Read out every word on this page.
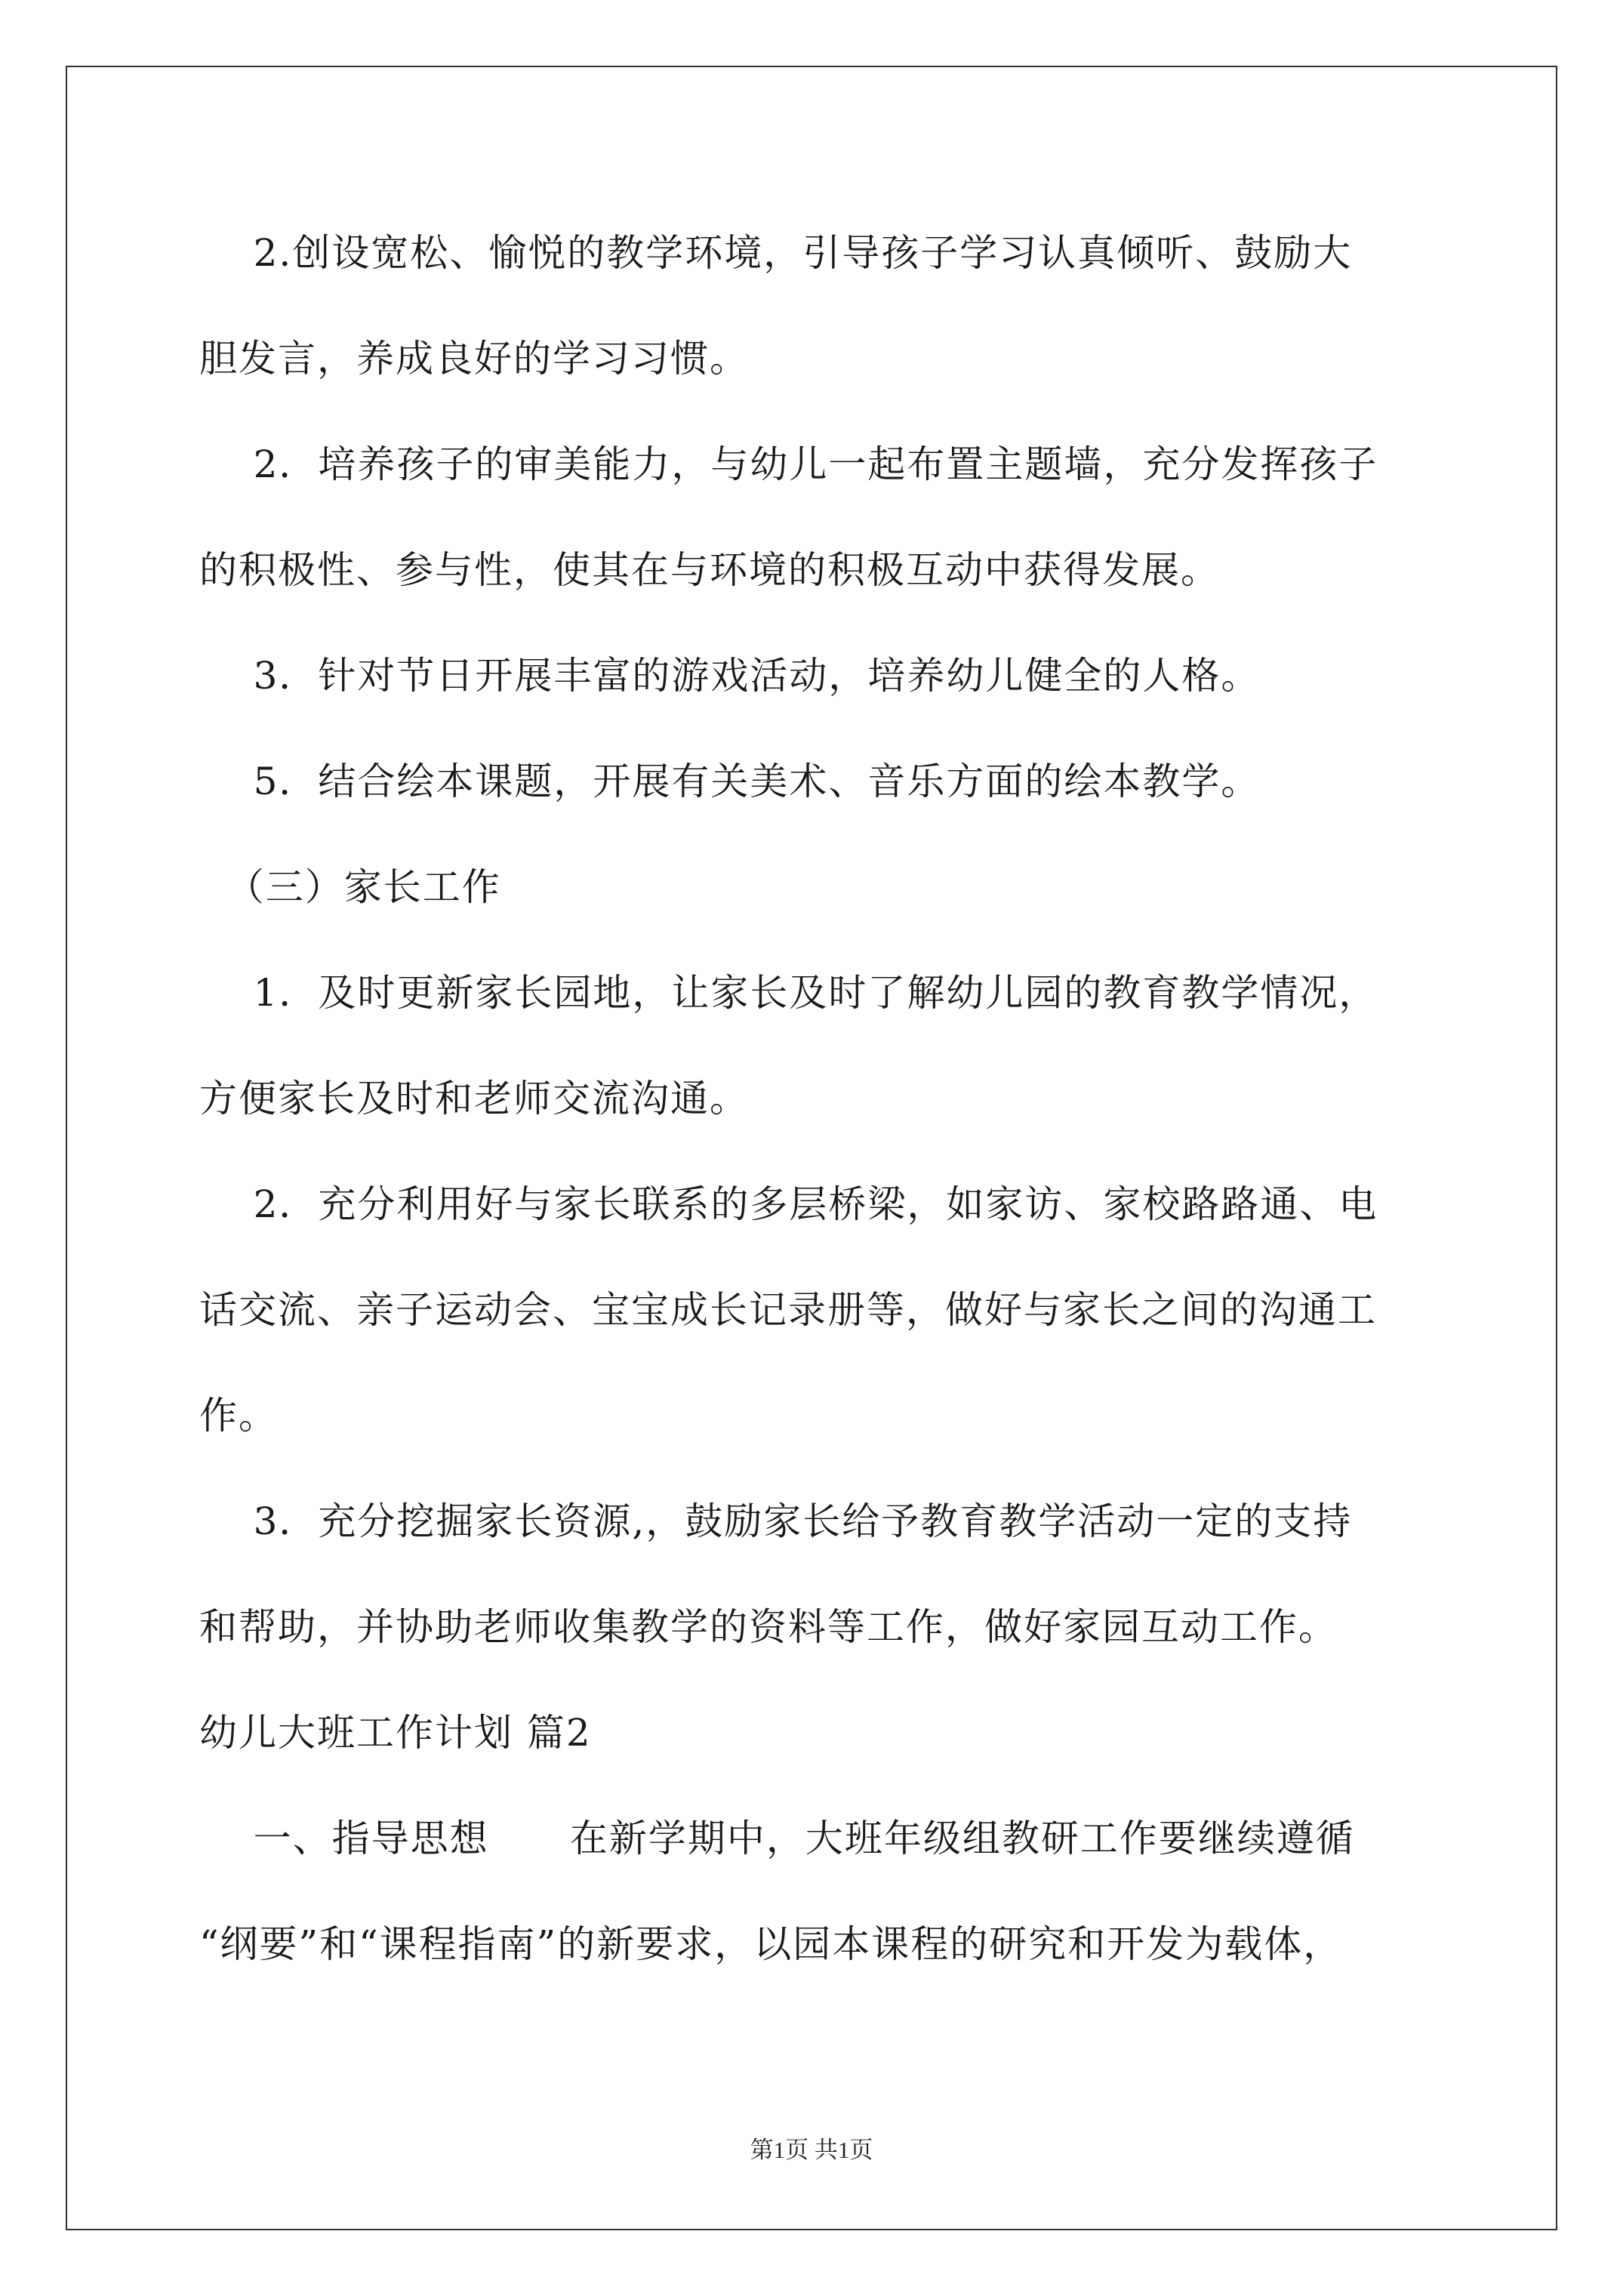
2.创设宽松、愉悦的教学环境，引导孩子学习认真倾听、鼓励大
胆发言，养成良好的学习习惯。
2．培养孩子的审美能力，与幼儿一起布置主题墙，充分发挥孩子
的积极性、参与性，使其在与环境的积极互动中获得发展。
3．针对节日开展丰富的游戏活动，培养幼儿健全的人格。
5．结合绘本课题，开展有关美术、音乐方面的绘本教学。
（三）家长工作
1．及时更新家长园地，让家长及时了解幼儿园的教育教学情况，
方便家长及时和老师交流沟通。
2．充分利用好与家长联系的多层桥梁，如家访、家校路路通、电
话交流、亲子运动会、宝宝成长记录册等，做好与家长之间的沟通工
作。
3．充分挖掘家长资源,，鼓励家长给予教育教学活动一定的支持
和帮助，并协助老师收集教学的资料等工作，做好家园互动工作。
幼儿大班工作计划 篇2
一、指导思想      在新学期中，大班年级组教研工作要继续遵循
“纲要”和“课程指南”的新要求，以园本课程的研究和开发为载体，
第1页 共1页
